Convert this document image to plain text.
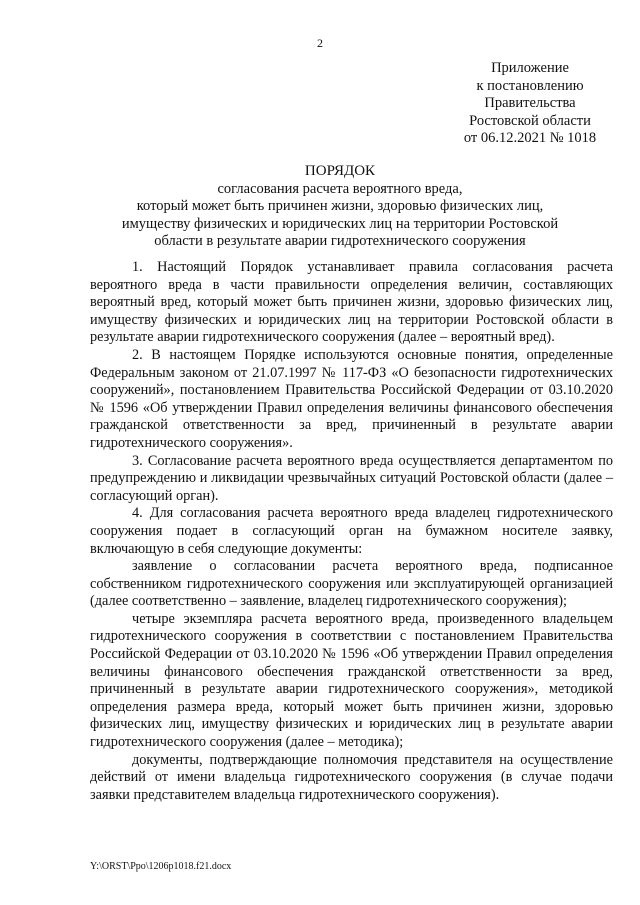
2
Приложение
к постановлению
Правительства
Ростовской области
от 06.12.2021 № 1018
ПОРЯДОК
согласования расчета вероятного вреда,
который может быть причинен жизни, здоровью физических лиц,
имуществу физических и юридических лиц на территории Ростовской
области в результате аварии гидротехнического сооружения

1. Настоящий Порядок устанавливает правила согласования расчета вероятного вреда в части правильности определения величин, составляющих вероятный вред, который может быть причинен жизни, здоровью физических лиц, имуществу физических и юридических лиц на территории Ростовской области в результате аварии гидротехнического сооружения (далее – вероятный вред).

2. В настоящем Порядке используются основные понятия, определенные Федеральным законом от 21.07.1997 № 117-ФЗ «О безопасности гидротехнических сооружений», постановлением Правительства Российской Федерации от 03.10.2020 № 1596 «Об утверждении Правил определения величины финансового обеспечения гражданской ответственности за вред, причиненный в результате аварии гидротехнического сооружения».

3. Согласование расчета вероятного вреда осуществляется департаментом по предупреждению и ликвидации чрезвычайных ситуаций Ростовской области (далее – согласующий орган).

4. Для согласования расчета вероятного вреда владелец гидротехнического сооружения подает в согласующий орган на бумажном носителе заявку, включающую в себя следующие документы:

заявление о согласовании расчета вероятного вреда, подписанное собственником гидротехнического сооружения или эксплуатирующей организацией (далее соответственно – заявление, владелец гидротехнического сооружения);

четыре экземпляра расчета вероятного вреда, произведенного владельцем гидротехнического сооружения в соответствии с постановлением Правительства Российской Федерации от 03.10.2020 № 1596 «Об утверждении Правил определения величины финансового обеспечения гражданской ответственности за вред, причиненный в результате аварии гидротехнического сооружения», методикой определения размера вреда, который может быть причинен жизни, здоровью физических лиц, имуществу физических и юридических лиц в результате аварии гидротехнического сооружения (далее – методика);

документы, подтверждающие полномочия представителя на осуществление действий от имени владельца гидротехнического сооружения (в случае подачи заявки представителем владельца гидротехнического сооружения).

Y:\ORST\Ppo\1206p1018.f21.docx
